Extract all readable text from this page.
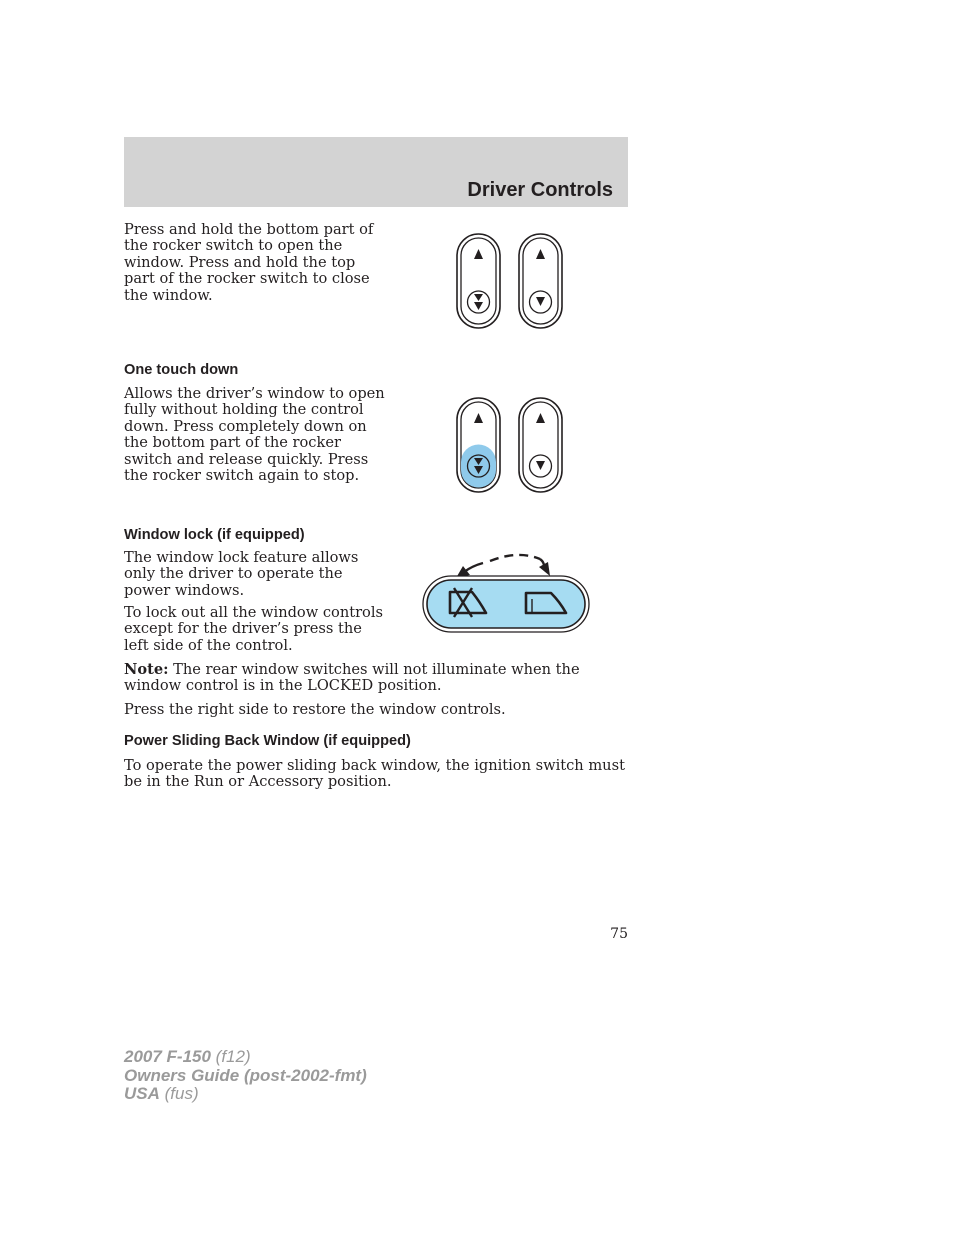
Driver Controls

Press and hold the bottom part of the rocker switch to open the window. Press and hold the top part of the rocker switch to close the window.

One touch down

Allows the driver’s window to open fully without holding the control down. Press completely down on the bottom part of the rocker switch and release quickly. Press the rocker switch again to stop.

Window lock (if equipped)

The window lock feature allows only the driver to operate the power windows.

To lock out all the window controls except for the driver’s press the left side of the control.

Note: The rear window switches will not illuminate when the window control is in the LOCKED position.

Press the right side to restore the window controls.

Power Sliding Back Window (if equipped)

To operate the power sliding back window, the ignition switch must be in the Run or Accessory position.

75
2007 F-150 (f12)
Owners Guide (post-2002-fmt)
USA (fus)
